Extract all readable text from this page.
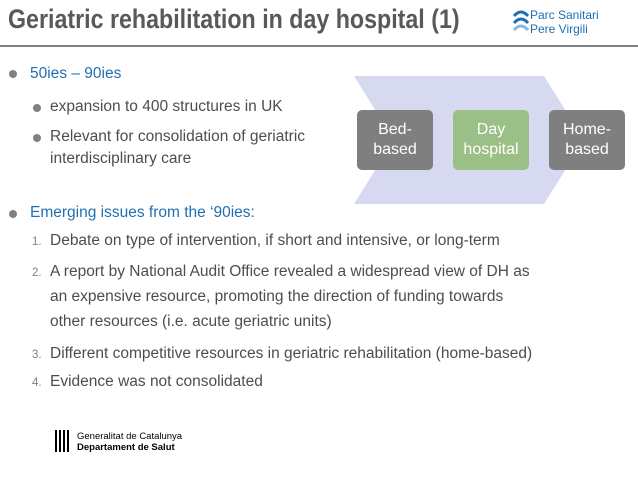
Geriatric rehabilitation in day hospital (1)	Parc Sanitari
Pere Virgili
Bed-
based
Day
hospital
Home-
based
50ies – 90ies
expansion to 400 structures in UK
Relevant for consolidation of geriatric
interdisciplinary care
Emerging issues from the ‘90ies:
1. Debate on type of intervention, if short and intensive, or long-term
2. A report by National Audit Office revealed a widespread view of DH as
an expensive resource, promoting the direction of funding towards
other resources (i.e. acute geriatric units)
3. Different competitive resources in geriatric rehabilitation (home-based)
4. Evidence was not consolidated
Generalitat de Catalunya
Departament de Salut
